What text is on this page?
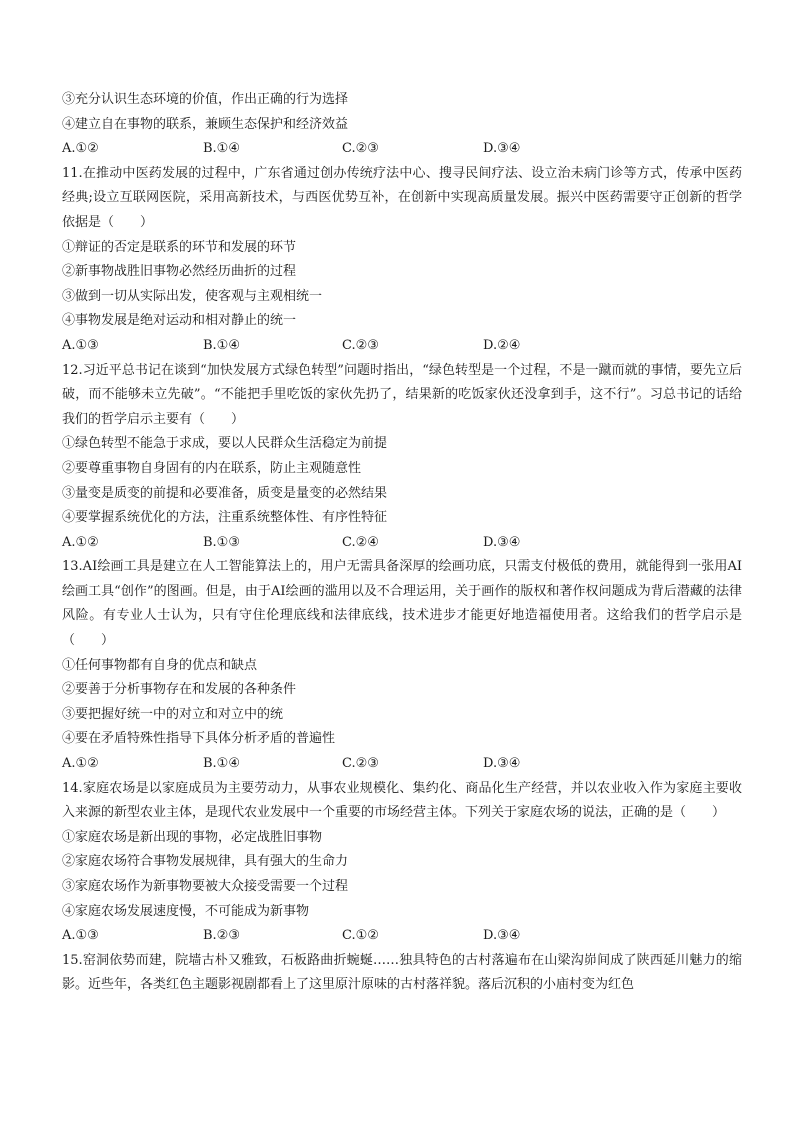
③充分认识生态环境的价值，作出正确的行为选择
④建立自在事物的联系，兼顾生态保护和经济效益
A.①②	B.①④	C.②③	D.③④
11.在推动中医药发展的过程中，广东省通过创办传统疗法中心、搜寻民间疗法、设立治未病门诊等方式，传承中医药经典;设立互联网医院，采用高新技术，与西医优势互补，在创新中实现高质量发展。振兴中医药需要守正创新的哲学依据是（　　）
①辩证的否定是联系的环节和发展的环节
②新事物战胜旧事物必然经历曲折的过程
③做到一切从实际出发，使客观与主观相统一
④事物发展是绝对运动和相对静止的统一
A.①③	B.①④	C.②③	D.②④
12.习近平总书记在谈到“加快发展方式绿色转型”问题时指出，“绿色转型是一个过程，不是一蹴而就的事情，要先立后破，而不能够未立先破”。“不能把手里吃饭的家伙先扔了，结果新的吃饭家伙还没拿到手，这不行”。习总书记的话给我们的哲学启示主要有（　　）
①绿色转型不能急于求成，要以人民群众生活稳定为前提
②要尊重事物自身固有的内在联系，防止主观随意性
③量变是质变的前提和必要准备，质变是量变的必然结果
④要掌握系统优化的方法，注重系统整体性、有序性特征
A.①②	B.①③	C.②④	D.③④
13.AI绘画工具是建立在人工智能算法上的，用户无需具备深厚的绘画功底，只需支付极低的费用，就能得到一张用AI绘画工具“创作”的图画。但是，由于AI绘画的滥用以及不合理运用，关于画作的版权和著作权问题成为背后潜藏的法律风险。有专业人士认为，只有守住伦理底线和法律底线，技术进步才能更好地造福使用者。这给我们的哲学启示是（　　）
①任何事物都有自身的优点和缺点
②要善于分析事物存在和发展的各种条件
③要把握好统一中的对立和对立中的统
④要在矛盾特殊性指导下具体分析矛盾的普遍性
A.①②	B.①④	C.②③	D.③④
14.家庭农场是以家庭成员为主要劳动力，从事农业规模化、集约化、商品化生产经营，并以农业收入作为家庭主要收入来源的新型农业主体，是现代农业发展中一个重要的市场经营主体。下列关于家庭农场的说法，正确的是（　　）
①家庭农场是新出现的事物，必定战胜旧事物
②家庭农场符合事物发展规律，具有强大的生命力
③家庭农场作为新事物要被大众接受需要一个过程
④家庭农场发展速度慢，不可能成为新事物
A.①③	B.②③	C.①②	D.③④
15.窑洞依势而建，院墙古朴又雅致，石板路曲折蜿蜒……独具特色的古村落遍布在山梁沟峁间成了陕西延川魅力的缩影。近些年，各类红色主题影视剧都看上了这里原汁原味的古村落祥貌。落后沉积的小庙村变为红色
